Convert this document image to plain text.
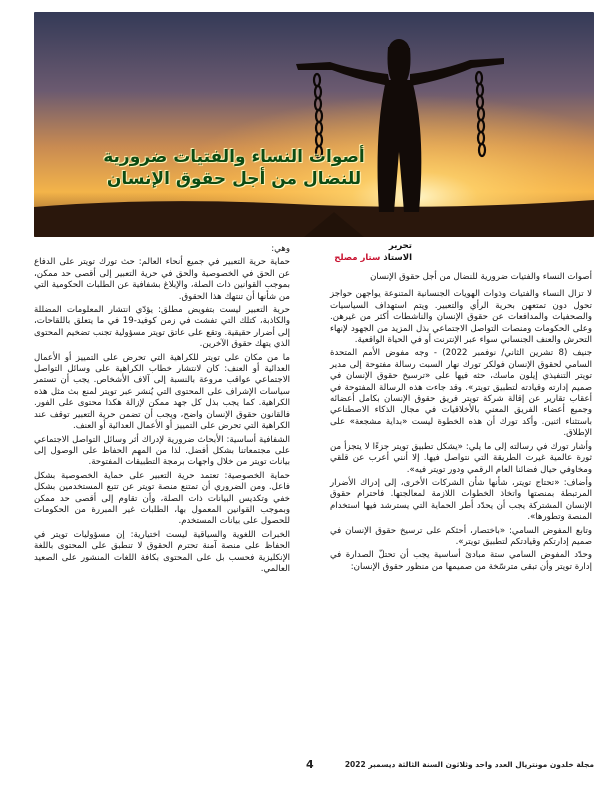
أصوات النساء والفتيات ضرورية
للنضال من أجل حقوق الإنسان
تحرير
الاستاذ ستار مصلح

أصوات النساء والفتيات ضرورية للنضال من أجل حقوق الإنسان

لا تزال النساء والفتيات وذوات الهويات الجنسانية المتنوعة يواجهن حواجز تحول دون تمتعهن بحرية الرأي والتعبير. ويتم استهداف السياسيات والصحفيات والمدافعات عن حقوق الإنسان والناشطات أكثر من غيرهن. وعلى الحكومات ومنصات التواصل الاجتماعي بذل المزيد من الجهود لإنهاء التحرش والعنف الجنساني سواء عبر الإنترنت أو في الحياة الواقعية.

جنيف (8 تشرين الثاني/ نوفمبر 2022) - وجه مفوض الأمم المتحدة السامي لحقوق الإنسان فولكر تورك نهار السبت رسالة مفتوحة إلى مدير تويتر التنفيذي إيلون ماسك، حثه فيها على «ترسيخ حقوق الإنسان في صميم إدارته وقيادته لتطبيق تويتر». وقد جاءت هذه الرسالة المفتوحة في أعقاب تقارير عن إقالة شركة تويتر فريق حقوق الإنسان بكامل أعضائه وجميع أعضاء الفريق المعني بالأخلاقيات في مجال الذكاء الاصطناعي باستثناء اثنين. وأكد تورك أن هذه الخطوة ليست «بداية مشجعة» على الإطلاق.

وأشار تورك في رسالته إلى ما يلي: «يشكل تطبيق تويتر جزءًا لا يتجزأ من ثورة عالمية غيرت الطريقة التي نتواصل فيها. إلا أنني أعرب عن قلقي ومخاوفي حيال فضائنا العام الرقمي ودور تويتر فيه».

وأضاف: «تحتاج تويتر، شأنها شأن الشركات الأخرى، إلى إدراك الأضرار المرتبطة بمنصتها واتخاذ الخطوات اللازمة لمعالجتها. فاحترام حقوق الإنسان المشتركة يجب أن يحدّد أطر الحماية التي يسترشد فيها استخدام المنصة وتطورها».

وتابع المفوض السامي: «باختصار، أحثكم على ترسيخ حقوق الإنسان في صميم إدارتكم وقيادتكم لتطبيق تويتر».

وحدّد المفوض السامي ستة مبادئ أساسية يجب أن تحتلّ الصدارة في إدارة تويتر وأن تبقى مترسّخة من صميمها من منظور حقوق الإنسان:

وهي:

حماية حرية التعبير في جميع أنحاء العالم: حث تورك تويتر على الدفاع عن الحق في الخصوصية والحق في حرية التعبير إلى أقصى حد ممكن، بموجب القوانين ذات الصلة، والإبلاغ بشفافية عن الطلبات الحكومية التي من شأنها أن تنتهك هذا الحقوق.

حرية التعبير ليست بتفويض مطلق: يؤدّي انتشار المعلومات المضللة والكاذبة، كتلك التي تفشت في زمن كوفيد-19 في ما يتعلق باللقاحات، إلى أضرار حقيقية. وتقع على عاتق تويتر مسؤولية تجنب تضخيم المحتوى الذي يتهك حقوق الآخرين.

ما من مكان على تويتر للكراهية التي تحرض على التمييز أو الأعمال العدائية أو العنف: كان لانتشار خطاب الكراهية على وسائل التواصل الاجتماعي عواقب مروعة بالنسبة إلى آلاف الأشخاص. يجب أن تستمر سياسات الإشراف على المحتوى التي يُنشر عبر تويتر لمنع بث مثل هذه الكراهية. كما يجب بذل كل جهد ممكن لإزالة هكذا محتوى على الفور. فالقانون حقوق الإنسان واضح، ويجب أن تضمن حرية التعبير توقف عند الكراهية التي تحرض على التمييز أو الأعمال العدائية أو العنف.

الشفافية أساسية: الأبحاث ضرورية لإدراك أثر وسائل التواصل الاجتماعي على مجتمعاتنا بشكل أفضل. لذا من المهم الحفاظ على الوصول إلى بيانات تويتر من خلال واجهات برمجة التطبيقات المفتوحة.

حماية الخصوصية: تعتمد حرية التعبير على حماية الخصوصية بشكل فاعل. ومن الضروري أن تمتنع منصة تويتر عن تتبع المستخدمين بشكل خفي وتكديس البيانات ذات الصلة، وأن تقاوم إلى أقصى حد ممكن وبموجب القوانين المعمول بها، الطلبات غير المبررة من الحكومات للحصول على بيانات المستخدم.

الخبرات اللغوية والسياقية ليست اختيارية: إن مسؤوليات تويتر في الحفاظ على منصة آمنة تحترم الحقوق لا تنطبق على المحتوى باللغة الإنكليزية فحسب بل على المحتوى بكافة اللغات المنشور على الصعيد العالمي.

4	مجلة خلدون مونتريال العدد واحد وثلاثون السنة الثالثة ديسمبر 2022
